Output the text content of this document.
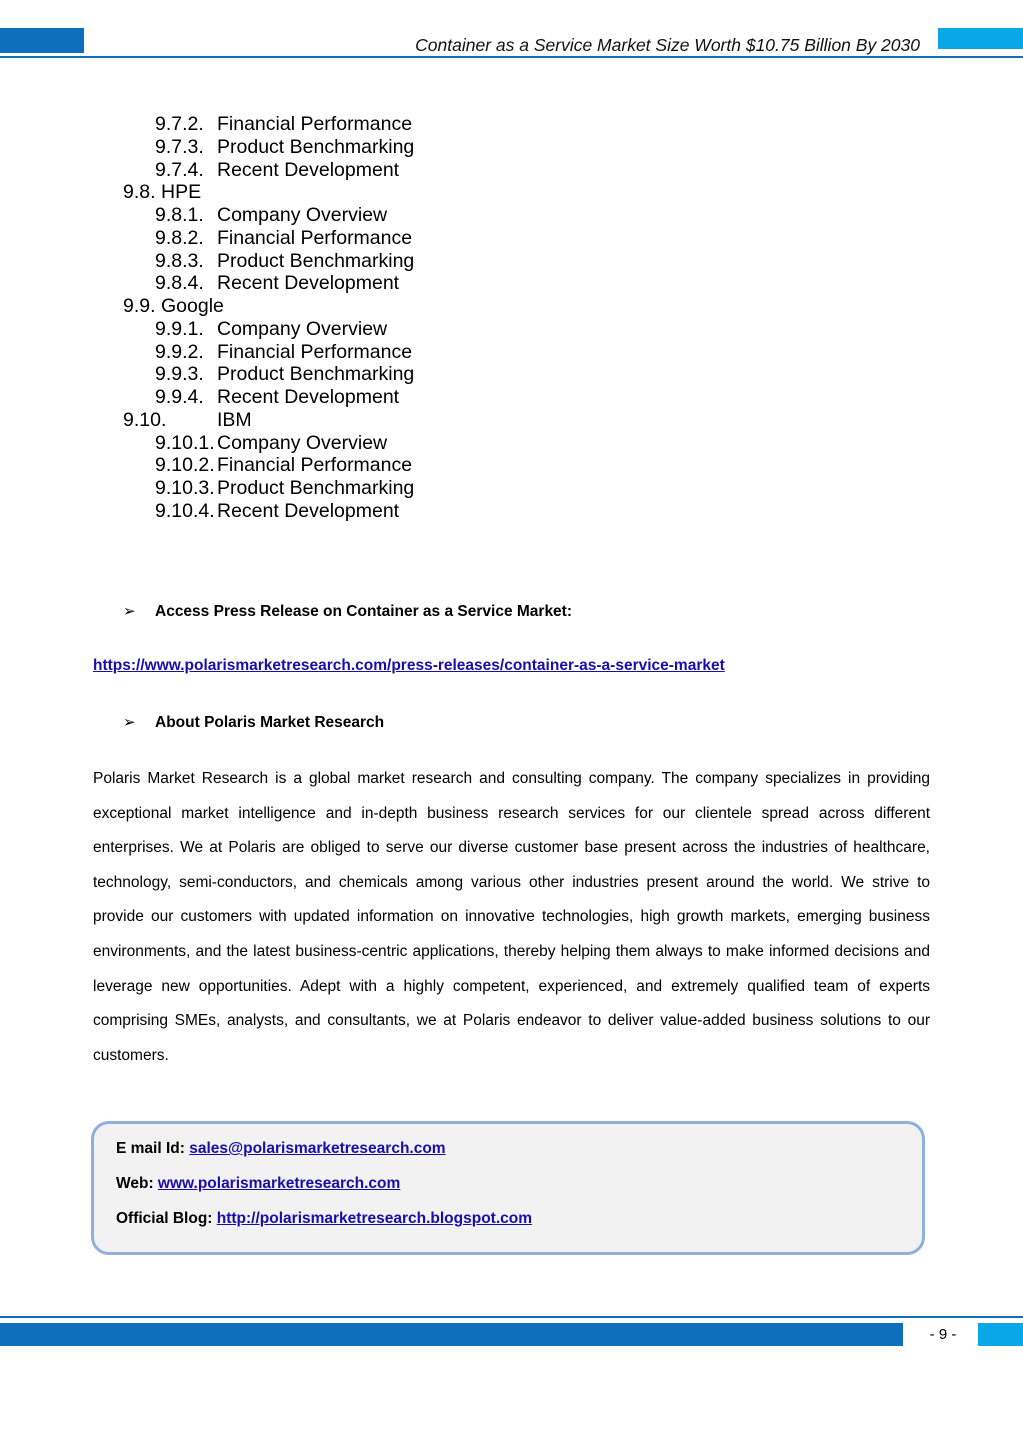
Container as a Service Market Size Worth $10.75 Billion By 2030
9.7.2. Financial Performance
9.7.3. Product Benchmarking
9.7.4. Recent Development
9.8. HPE
9.8.1. Company Overview
9.8.2. Financial Performance
9.8.3. Product Benchmarking
9.8.4. Recent Development
9.9. Google
9.9.1. Company Overview
9.9.2. Financial Performance
9.9.3. Product Benchmarking
9.9.4. Recent Development
9.10.	IBM
9.10.1. Company Overview
9.10.2. Financial Performance
9.10.3. Product Benchmarking
9.10.4. Recent Development
➢ Access Press Release on Container as a Service Market:
https://www.polarismarketresearch.com/press-releases/container-as-a-service-market
➢ About Polaris Market Research
Polaris Market Research is a global market research and consulting company. The company specializes in providing exceptional market intelligence and in-depth business research services for our clientele spread across different enterprises. We at Polaris are obliged to serve our diverse customer base present across the industries of healthcare, technology, semi-conductors, and chemicals among various other industries present around the world. We strive to provide our customers with updated information on innovative technologies, high growth markets, emerging business environments, and the latest business-centric applications, thereby helping them always to make informed decisions and leverage new opportunities. Adept with a highly competent, experienced, and extremely qualified team of experts comprising SMEs, analysts, and consultants, we at Polaris endeavor to deliver value-added business solutions to our customers.
E mail Id: sales@polarismarketresearch.com
Web: www.polarismarketresearch.com
Official Blog: http://polarismarketresearch.blogspot.com
- 9 -
